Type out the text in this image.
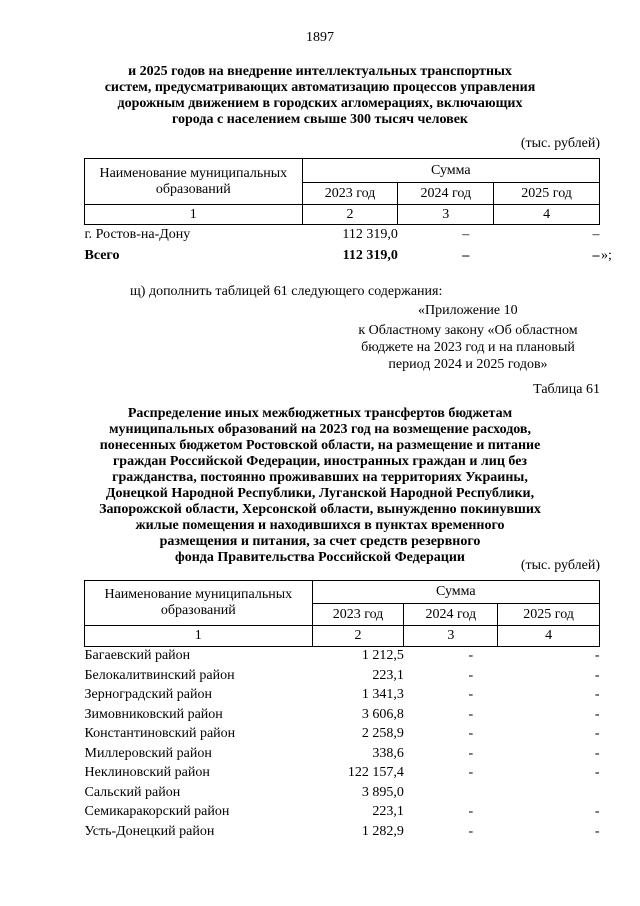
1897
и 2025 годов на внедрение интеллектуальных транспортных
систем, предусматривающих автоматизацию процессов управления
дорожным движением в городских агломерациях, включающих
города с населением свыше 300 тысяч человек
(тыс. рублей)
Наименование муниципальных
образований	Сумма		
	2023 год	2024 год	2025 год
1	2	3	4
г. Ростов-на-Дону	112 319,0	–	–
Всего	112 319,0	–	– »;
щ) дополнить таблицей 61 следующего содержания:
«Приложение 10
к Областному закону «Об областном
бюджете на 2023 год и на плановый
период 2024 и 2025 годов»
Таблица 61
Распределение иных межбюджетных трансфертов бюджетам
муниципальных образований на 2023 год на возмещение расходов,
понесенных бюджетом Ростовской области, на размещение и питание
граждан Российской Федерации, иностранных граждан и лиц без
гражданства, постоянно проживавших на территориях Украины,
Донецкой Народной Республики, Луганской Народной Республики,
Запорожской области, Херсонской области, вынужденно покинувших
жилые помещения и находившихся в пунктах временного
размещения и питания, за счет средств резервного
фонда Правительства Российской Федерации
(тыс. рублей)
Наименование муниципальных
образований	Сумма		
	2023 год	2024 год	2025 год
1	2	3	4
Багаевский район	1 212,5	-	-
Белокалитвинский район	223,1	-	-
Зерноградский район	1 341,3	-	-
Зимовниковский район	3 606,8	-	-
Константиновский район	2 258,9	-	-
Миллеровский район	338,6	-	-
Неклиновский район	122 157,4	-	-
Сальский район	3 895,0		
Семикаракорский район	223,1	-	-
Усть-Донецкий район	1 282,9	-	-
